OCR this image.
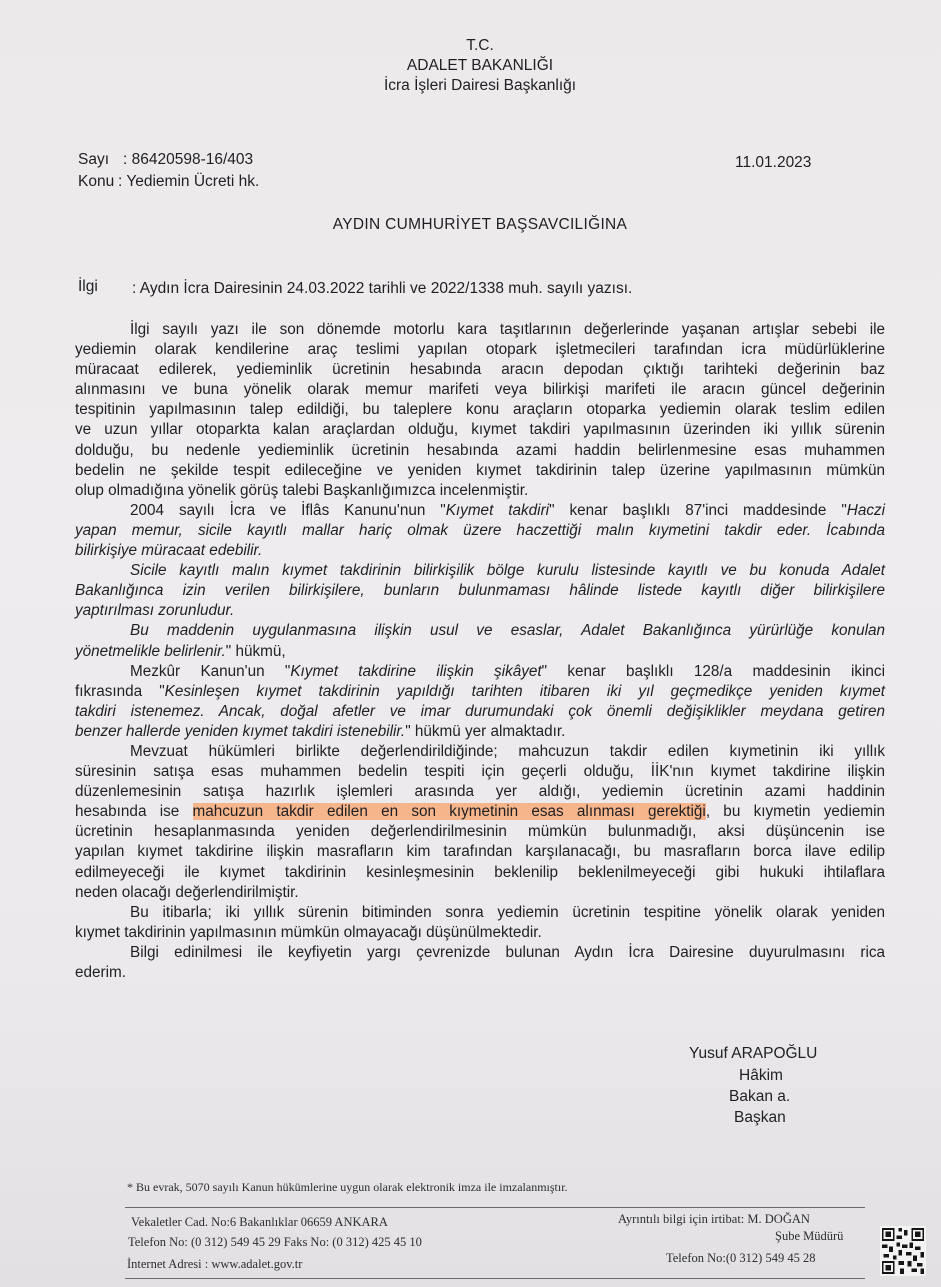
T.C.
ADALET BAKANLIĞI
İcra İşleri Dairesi Başkanlığı
Sayı : 86420598-16/403
Konu : Yediemin Ücreti hk.
11.01.2023
AYDIN CUMHURİYET BAŞSAVCILIĞINA
İlgi : Aydın İcra Dairesinin 24.03.2022 tarihli ve 2022/1338 muh. sayılı yazısı.
İlgi sayılı yazı ile son dönemde motorlu kara taşıtlarının değerlerinde yaşanan artışlar sebebi ile
yediemin olarak kendilerine araç teslimi yapılan otopark işletmecileri tarafından icra müdürlüklerine
müracaat edilerek, yedieminlik ücretinin hesabında aracın depodan çıktığı tarihteki değerinin baz
alınmasını ve buna yönelik olarak memur marifeti veya bilirkişi marifeti ile aracın güncel değerinin
tespitinin yapılmasının talep edildiği, bu taleplere konu araçların otoparka yediemin olarak teslim edilen
ve uzun yıllar otoparkta kalan araçlardan olduğu, kıymet takdiri yapılmasının üzerinden iki yıllık sürenin
dolduğu, bu nedenle yedieminlik ücretinin hesabında azami haddin belirlenmesine esas muhammen
bedelin ne şekilde tespit edileceğine ve yeniden kıymet takdirinin talep üzerine yapılmasının mümkün
olup olmadığına yönelik görüş talebi Başkanlığımızca incelenmiştir.
2004 sayılı İcra ve İflâs Kanunu'nun "Kıymet takdiri" kenar başlıklı 87'inci maddesinde "Haczi
yapan memur, sicile kayıtlı mallar hariç olmak üzere haczettiği malın kıymetini takdir eder. İcabında
bilirkişiye müracaat edebilir.
Sicile kayıtlı malın kıymet takdirinin bilirkişilik bölge kurulu listesinde kayıtlı ve bu konuda Adalet
Bakanlığınca izin verilen bilirkişilere, bunların bulunmaması hâlinde listede kayıtlı diğer bilirkişilere
yaptırılması zorunludur.
Bu maddenin uygulanmasına ilişkin usul ve esaslar, Adalet Bakanlığınca yürürlüğe konulan
yönetmelikle belirlenir." hükmü,
Mezkûr Kanun'un "Kıymet takdirine ilişkin şikâyet" kenar başlıklı 128/a maddesinin ikinci
fıkrasında "Kesinleşen kıymet takdirinin yapıldığı tarihten itibaren iki yıl geçmedikçe yeniden kıymet
takdiri istenemez. Ancak, doğal afetler ve imar durumundaki çok önemli değişiklikler meydana getiren
benzer hallerde yeniden kıymet takdiri istenebilir." hükmü yer almaktadır.
Mevzuat hükümleri birlikte değerlendirildiğinde; mahcuzun takdir edilen kıymetinin iki yıllık
süresinin satışa esas muhammen bedelin tespiti için geçerli olduğu, İİK'nın kıymet takdirine ilişkin
düzenlemesinin satışa hazırlık işlemleri arasında yer aldığı, yediemin ücretinin azami haddinin
hesabında ise mahcuzun takdir edilen en son kıymetinin esas alınması gerektiği, bu kıymetin yediemin
ücretinin hesaplanmasında yeniden değerlendirilmesinin mümkün bulunmadığı, aksi düşüncenin ise
yapılan kıymet takdirine ilişkin masrafların kim tarafından karşılanacağı, bu masrafların borca ilave edilip
edilmeyeceği ile kıymet takdirinin kesinleşmesinin beklenilip beklenilmeyeceği gibi hukuki ihtilaflara
neden olacağı değerlendirilmiştir.
Bu itibarla; iki yıllık sürenin bitiminden sonra yediemin ücretinin tespitine yönelik olarak yeniden
kıymet takdirinin yapılmasının mümkün olmayacağı düşünülmektedir.
Bilgi edinilmesi ile keyfiyetin yargı çevrenizde bulunan Aydın İcra Dairesine duyurulmasını rica
ederim.
Yusuf ARAPOĞLU
Hâkim
Bakan a.
Başkan
* Bu evrak, 5070 sayılı Kanun hükümlerine uygun olarak elektronik imza ile imzalanmıştır.
Vekaletler Cad. No:6 Bakanlıklar 06659 ANKARA
Telefon No: (0 312) 549 45 29 Faks No: (0 312) 425 45 10
İnternet Adresi : www.adalet.gov.tr
Ayrıntılı bilgi için irtibat: M. DOĞAN
Şube Müdürü
Telefon No:(0 312) 549 45 28
